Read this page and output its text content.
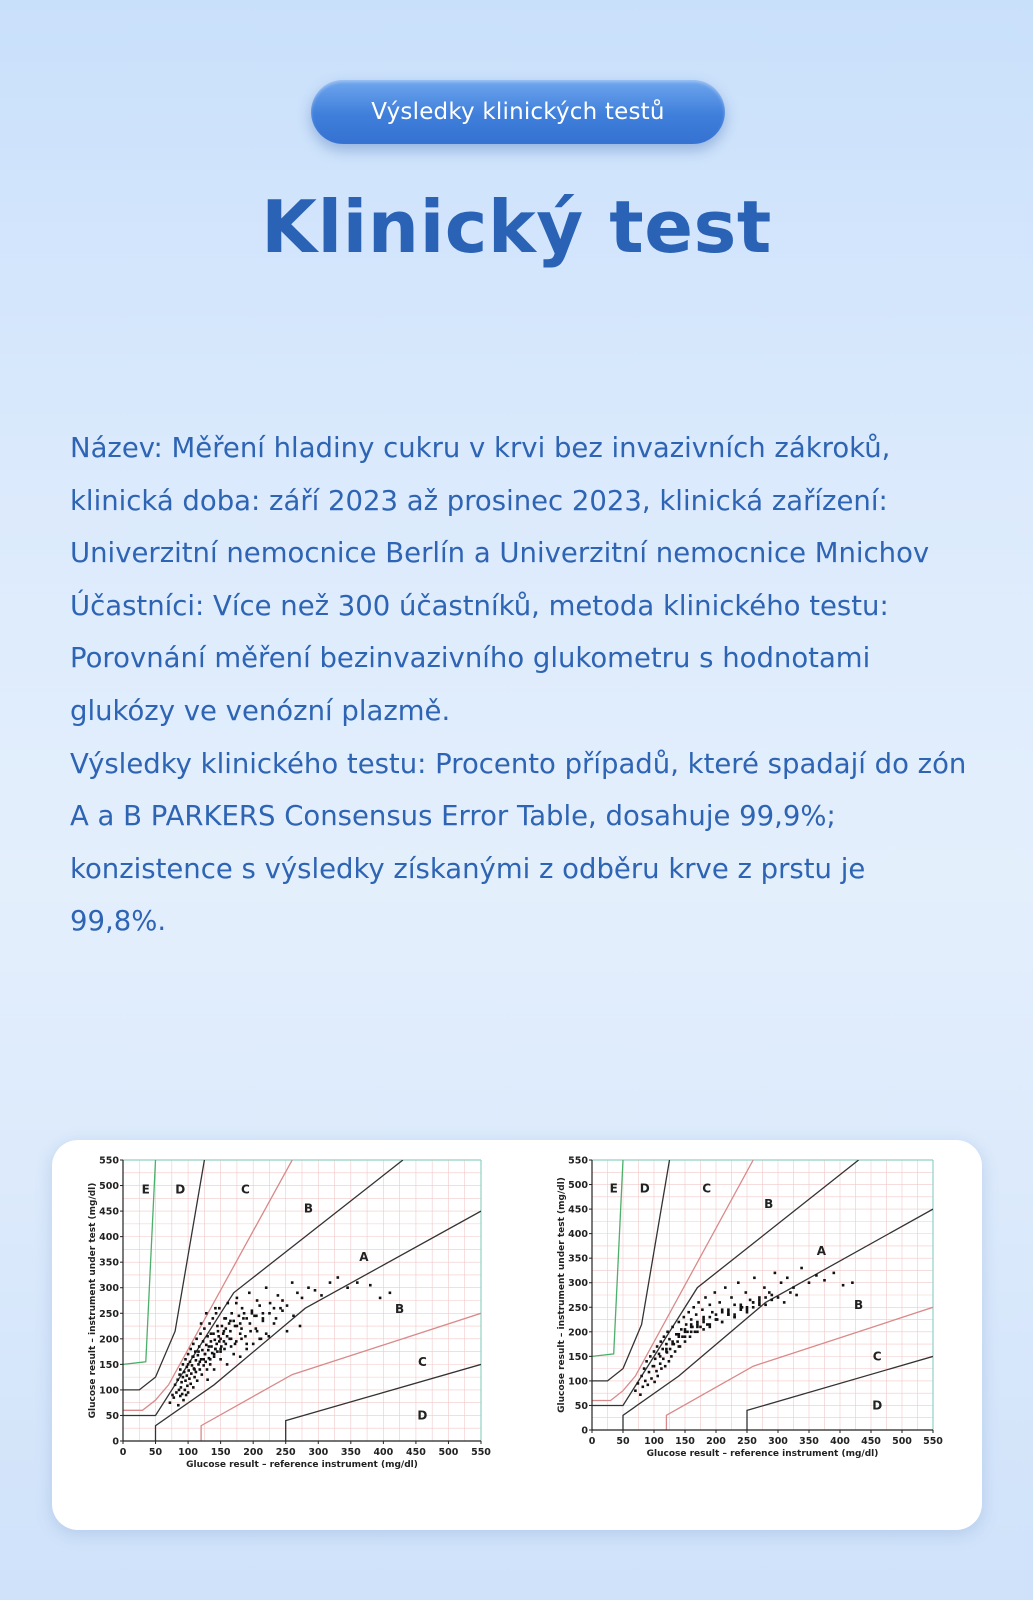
Výsledky klinických testů
Klinický test

Název: Měření hladiny cukru v krvi bez invazivních zákroků, klinická doba: září 2023 až prosinec 2023, klinická zařízení: Univerzitní nemocnice Berlín a Univerzitní nemocnice Mnichov

Účastníci: Více než 300 účastníků, metoda klinického testu: Porovnání měření bezinvazivního glukometru s hodnotami glukózy ve venózní plazmě.

Výsledky klinického testu: Procento případů, které spadají do zón A a B PARKERS Consensus Error Table, dosahuje 99,9%; konzistence s výsledky získanými z odběru krve z prstu je 99,8%.

0 50 100 150 200 250 300 350 400 450 500 550
0
50
100
150
200
250
300
350
400
450
500
550
E D	C
B
A
B
C
D
Glucose result – reference instrument (mg/dl)
Glucose result – instrument under test (mg/dl)
0 50 100 150 200 250 300 350 400 450 500 550
0
50
100
150
200
250
300
350
400
450
500
550
E D	C
B
A
B
C
D
Glucose result – reference instrument (mg/dl)
Glucose result – instrument under test (mg/dl)
